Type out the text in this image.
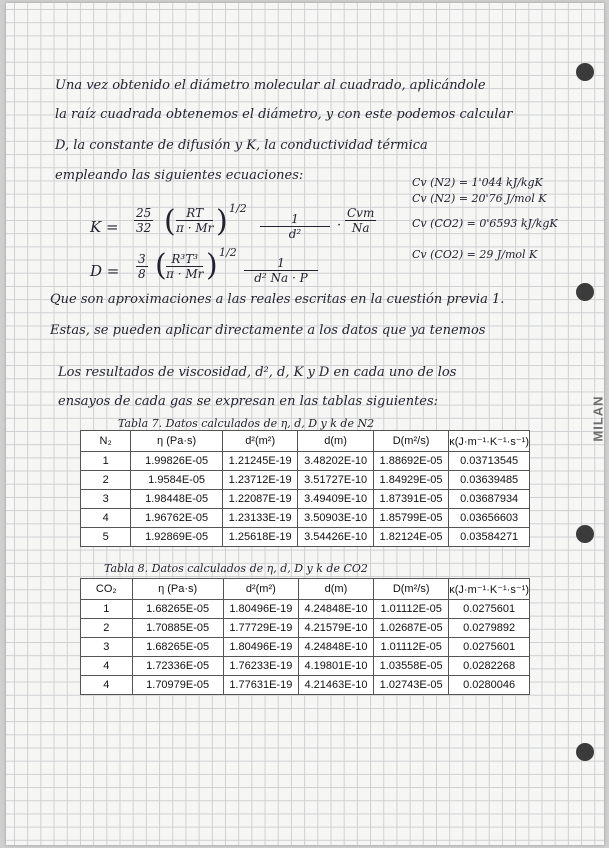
MILAN
Una vez obtenido el diámetro molecular al cuadrado, aplicándole
la raíz cuadrada obtenemos el diámetro, y con este podemos calcular
D, la constante de difusión y K, la conductividad térmica
empleando las siguientes ecuaciones:	Cv (N2) = 1'044 kJ/kgK
Cv (N2) = 20'76 J/mol K
Cv (CO2) = 0'6593 kJ/kgK
Cv (CO2) = 29 J/mol K
$K = \frac{25}{32}$ ( $\frac{RT}{\pi \cdot Mr}$ ) 1/2
$\frac{1}{\text{d²}}$ ·
Cvm
Na
$D = \frac{3}{8}$ ( $\frac{\text{R³T³}}{\pi \cdot Mr}$ ) 1/2
$\frac{1}{\text{d² Na · P}}$
Que son aproximaciones a las reales escritas en la cuestión previa 1.
Estas, se pueden aplicar directamente a los datos que ya tenemos
Los resultados de viscosidad, d², d, K y D en cada uno de los
ensayos de cada gas se expresan en las tablas siguientes:
Tabla 7. Datos calculados de η, d, D y k de N2
N₂	η (Pa·s)	d²(m²)	d(m)	D(m²/s)	κ(J·m⁻¹·K⁻¹·s⁻¹)
1	1.99826E-05	1.21245E-19	3.48202E-10	1.88692E-05	0.03713545
2	1.9584E-05	1.23712E-19	3.51727E-10	1.84929E-05	0.03639485
3	1.98448E-05	1.22087E-19	3.49409E-10	1.87391E-05	0.03687934
4	1.96762E-05	1.23133E-19	3.50903E-10	1.85799E-05	0.03656603
5	1.92869E-05	1.25618E-19	3.54426E-10	1.82124E-05	0.03584271
Tabla 8. Datos calculados de η, d, D y k de CO2
CO₂	η (Pa·s)	d²(m²)	d(m)	D(m²/s)	κ(J·m⁻¹·K⁻¹·s⁻¹)
1	1.68265E-05	1.80496E-19	4.24848E-10	1.01112E-05	0.0275601
2	1.70885E-05	1.77729E-19	4.21579E-10	1.02687E-05	0.0279892
3	1.68265E-05	1.80496E-19	4.24848E-10	1.01112E-05	0.0275601
4	1.72336E-05	1.76233E-19	4.19801E-10	1.03558E-05	0.0282268
4	1.70979E-05	1.77631E-19	4.21463E-10	1.02743E-05	0.0280046
